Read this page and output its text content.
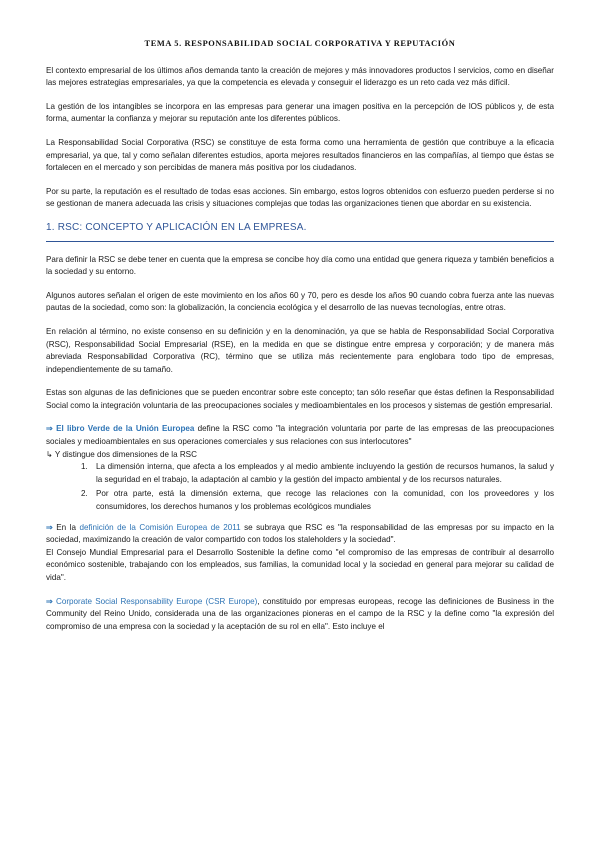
TEMA 5. RESPONSABILIDAD SOCIAL CORPORATIVA Y REPUTACIÓN

El contexto empresarial de los últimos años demanda tanto la creación de mejores y más innovadores productos I servicios, como en diseñar las mejores estrategias empresariales, ya que la competencia es elevada y conseguir el liderazgo es un reto cada vez más difícil.

La gestión de los intangibles se incorpora en las empresas para generar una imagen positiva en la percepción de lOS públicos y, de esta forma, aumentar la confianza y mejorar su reputación ante los diferentes públicos.

La Responsabilidad Social Corporativa (RSC) se constituye de esta forma como una herramienta de gestión que contribuye a la eficacia empresarial, ya que, tal y como señalan diferentes estudios, aporta mejores resultados financieros en las compañías, al tiempo que éstas se fortalecen en el mercado y son percibidas de manera más positiva por los ciudadanos.

Por su parte, la reputación es el resultado de todas esas acciones. Sin embargo, estos logros obtenidos con esfuerzo pueden perderse si no se gestionan de manera adecuada las crisis y situaciones complejas que todas las organizaciones tienen que abordar en su existencia.

1. RSC: CONCEPTO Y APLICACIÓN EN LA EMPRESA.

Para definir la RSC se debe tener en cuenta que la empresa se concibe hoy día como una entidad que genera riqueza y también beneficios a la sociedad y su entorno.

Algunos autores señalan el origen de este movimiento en los años 60 y 70, pero es desde los años 90 cuando cobra fuerza ante las nuevas pautas de la sociedad, como son: la globalización, la conciencia ecológica y el desarrollo de las nuevas tecnologías, entre otras.

En relación al término, no existe consenso en su definición y en la denominación, ya que se habla de Responsabilidad Social Corporativa (RSC), Responsabilidad Social Empresarial (RSE), en la medida en que se distingue entre empresa y corporación; y de manera más abreviada Responsabilidad Corporativa (RC), término que se utiliza más recientemente para englobara todo tipo de empresas, independientemente de su tamaño.

Estas son algunas de las definiciones que se pueden encontrar sobre este concepto; tan sólo reseñar que éstas definen la Responsabilidad Social como la integración voluntaria de las preocupaciones sociales y medioambientales en los procesos y sistemas de gestión empresarial.

⇒ El libro Verde de la Unión Europea define la RSC como "la integración voluntaria por parte de las empresas de las preocupaciones sociales y medioambientales en sus operaciones comerciales y sus relaciones con sus interlocutores"

↳ Y distingue dos dimensiones de la RSC

1. La dimensión interna, que afecta a los empleados y al medio ambiente incluyendo la gestión de recursos humanos, la salud y la seguridad en el trabajo, la adaptación al cambio y la gestión del impacto ambiental y de los recursos naturales.
2. Por otra parte, está la dimensión externa, que recoge las relaciones con la comunidad, con los proveedores y los consumidores, los derechos humanos y los problemas ecológicos mundiales

⇒ En la definición de la Comisión Europea de 2011 se subraya que RSC es "la responsabilidad de las empresas por su impacto en la sociedad, maximizando la creación de valor compartido con todos los staleholders y la sociedad".

El Consejo Mundial Empresarial para el Desarrollo Sostenible la define como "el compromiso de las empresas de contribuir al desarrollo económico sostenible, trabajando con los empleados, sus familias, la comunidad local y la sociedad en general para mejorar su calidad de vida".

⇒ Corporate Social Responsability Europe (CSR Europe), constituido por empresas europeas, recoge las definiciones de Business in the Community del Reino Unido, considerada una de las organizaciones pioneras en el campo de la RSC y la define como "la expresión del compromiso de una empresa con la sociedad y la aceptación de su rol en ella". Esto incluye el
